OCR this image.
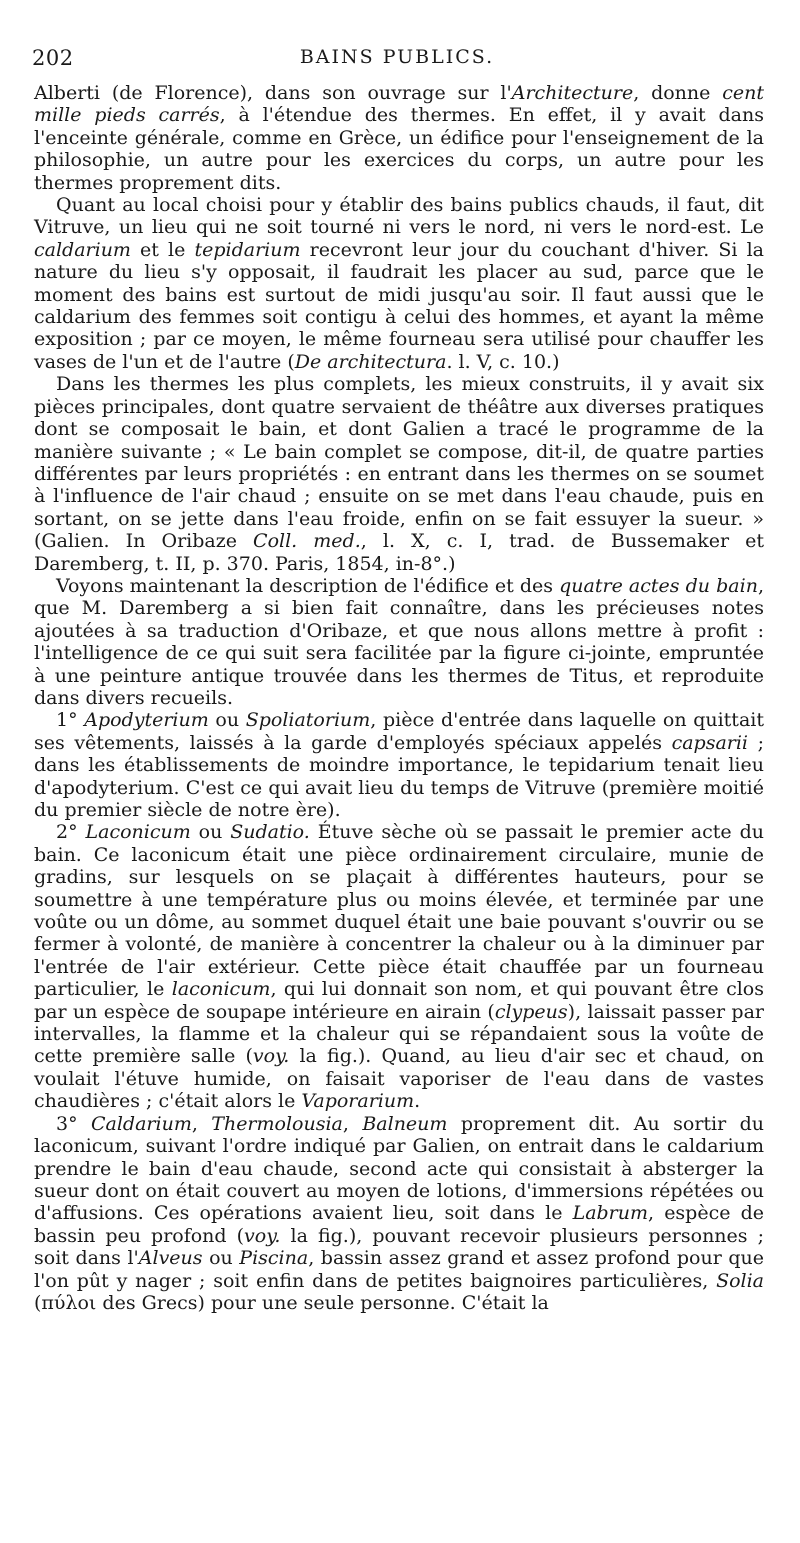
202	BAINS PUBLICS.

Alberti (de Florence), dans son ouvrage sur l'Architecture, donne cent mille pieds carrés, à l'étendue des thermes. En effet, il y avait dans l'enceinte générale, comme en Grèce, un édifice pour l'enseignement de la philosophie, un autre pour les exercices du corps, un autre pour les thermes proprement dits.

Quant au local choisi pour y établir des bains publics chauds, il faut, dit Vitruve, un lieu qui ne soit tourné ni vers le nord, ni vers le nord-est. Le caldarium et le tepidarium recevront leur jour du couchant d'hiver. Si la nature du lieu s'y opposait, il faudrait les placer au sud, parce que le moment des bains est surtout de midi jusqu'au soir. Il faut aussi que le caldarium des femmes soit contigu à celui des hommes, et ayant la même exposition ; par ce moyen, le même fourneau sera utilisé pour chauffer les vases de l'un et de l'autre (De architectura. l. V, c. 10.)

Dans les thermes les plus complets, les mieux construits, il y avait six pièces principales, dont quatre servaient de théâtre aux diverses pratiques dont se composait le bain, et dont Galien a tracé le programme de la manière suivante ; « Le bain complet se compose, dit-il, de quatre parties différentes par leurs propriétés : en entrant dans les thermes on se soumet à l'influence de l'air chaud ; ensuite on se met dans l'eau chaude, puis en sortant, on se jette dans l'eau froide, enfin on se fait essuyer la sueur. » (Galien. In Oribaze Coll. med., l. X, c. I, trad. de Bussemaker et Daremberg, t. II, p. 370. Paris, 1854, in-8°.)

Voyons maintenant la description de l'édifice et des quatre actes du bain, que M. Daremberg a si bien fait connaître, dans les précieuses notes ajoutées à sa traduction d'Oribaze, et que nous allons mettre à profit : l'intelligence de ce qui suit sera facilitée par la figure ci-jointe, empruntée à une peinture antique trouvée dans les thermes de Titus, et reproduite dans divers recueils.

1° Apodyterium ou Spoliatorium, pièce d'entrée dans laquelle on quittait ses vêtements, laissés à la garde d'employés spéciaux appelés capsarii ; dans les établissements de moindre importance, le tepidarium tenait lieu d'apodyterium. C'est ce qui avait lieu du temps de Vitruve (première moitié du premier siècle de notre ère).

2° Laconicum ou Sudatio. Étuve sèche où se passait le premier acte du bain. Ce laconicum était une pièce ordinairement circulaire, munie de gradins, sur lesquels on se plaçait à différentes hauteurs, pour se soumettre à une température plus ou moins élevée, et terminée par une voûte ou un dôme, au sommet duquel était une baie pouvant s'ouvrir ou se fermer à volonté, de manière à concentrer la chaleur ou à la diminuer par l'entrée de l'air extérieur. Cette pièce était chauffée par un fourneau particulier, le laconicum, qui lui donnait son nom, et qui pouvant être clos par un espèce de soupape intérieure en airain (clypeus), laissait passer par intervalles, la flamme et la chaleur qui se répandaient sous la voûte de cette première salle (voy. la fig.). Quand, au lieu d'air sec et chaud, on voulait l'étuve humide, on faisait vaporiser de l'eau dans de vastes chaudières ; c'était alors le Vaporarium.

3° Caldarium, Thermolousia, Balneum proprement dit. Au sortir du laconicum, suivant l'ordre indiqué par Galien, on entrait dans le caldarium prendre le bain d'eau chaude, second acte qui consistait à absterger la sueur dont on était couvert au moyen de lotions, d'immersions répétées ou d'affusions. Ces opérations avaient lieu, soit dans le Labrum, espèce de bassin peu profond (voy. la fig.), pouvant recevoir plusieurs personnes ; soit dans l'Alveus ou Piscina, bassin assez grand et assez profond pour que l'on pût y nager ; soit enfin dans de petites baignoires particulières, Solia (πύλοι des Grecs) pour une seule personne. C'était la
